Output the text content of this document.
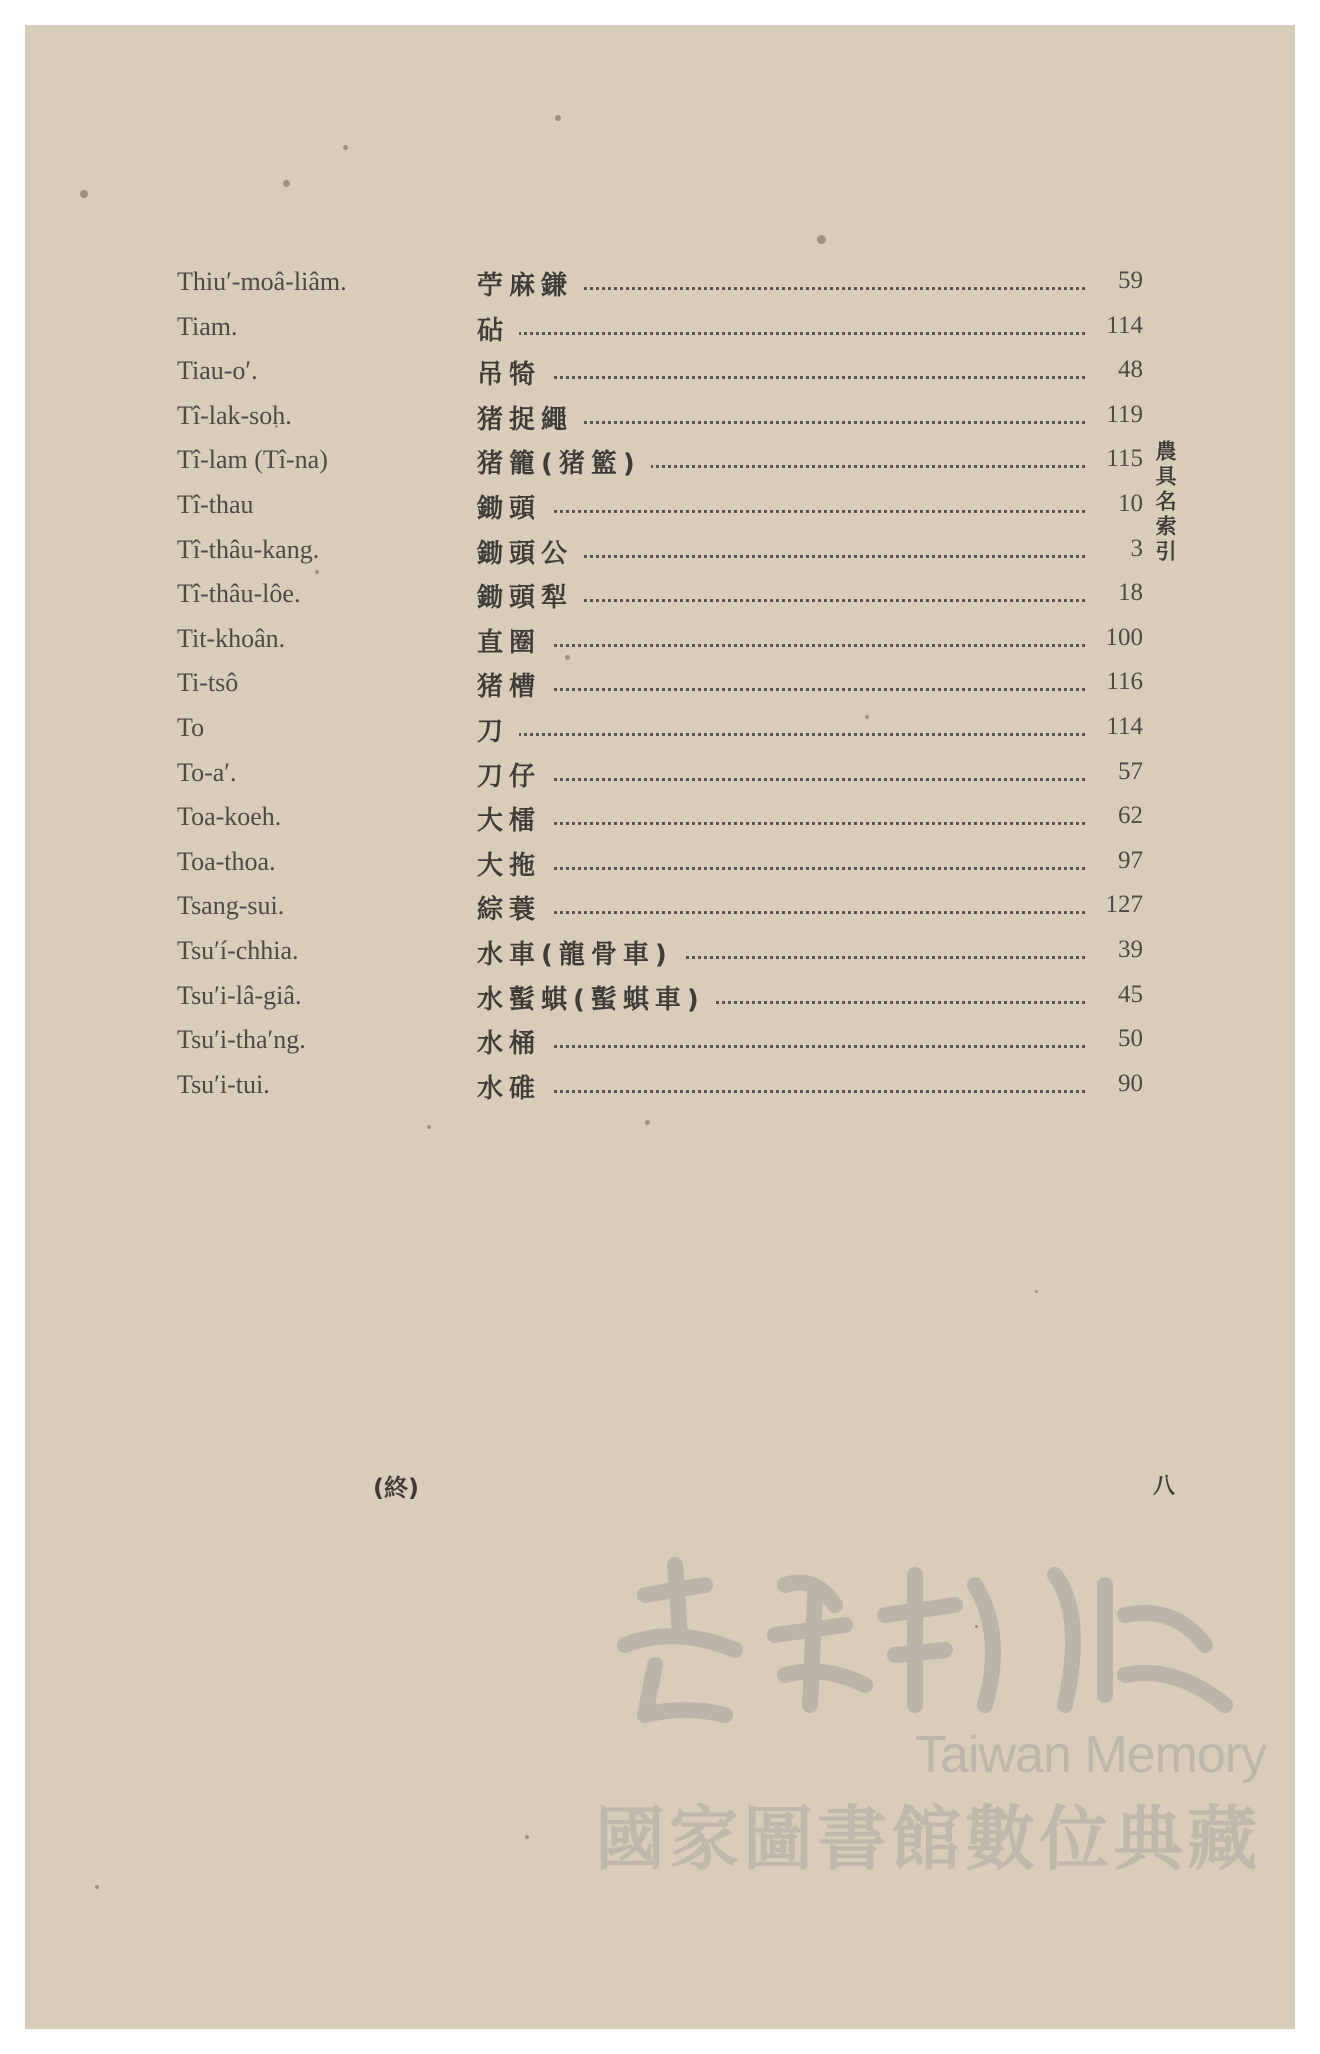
農具名索引
Thiu′-moâ-liâm.	苧麻鎌	59
Tiam.	砧	114
Tiau-o′.	吊犄	48
Tî-lak-soh.	猪捉繩	119
Tî-lam (Tî-na)	猪籠(猪籃)	115
Tî-thau	鋤頭	10
Tî-thâu-kang.	鋤頭公	3
Tî-thâu-lôe.	鋤頭犁	18
Tit-khoân.	直圈	100
Ti-tsô	猪槽	116
To	刀	114
To-a′.	刀仔	57
Toa-koeh.	大檑	62
Toa-thoa.	大拖	97
Tsang-sui.	綜蓑	127
Tsu′í-chhia.	水車(龍骨車)	39
Tsu′i-lâ-giâ.	水蟚蜞(蟚蜞車)	45
Tsu′i-tha′ng.	水桶	50
Tsu′i-tui.	水碓	90
(終)	八
臺灣記憶
Taiwan Memory
國家圖書館數位典藏
